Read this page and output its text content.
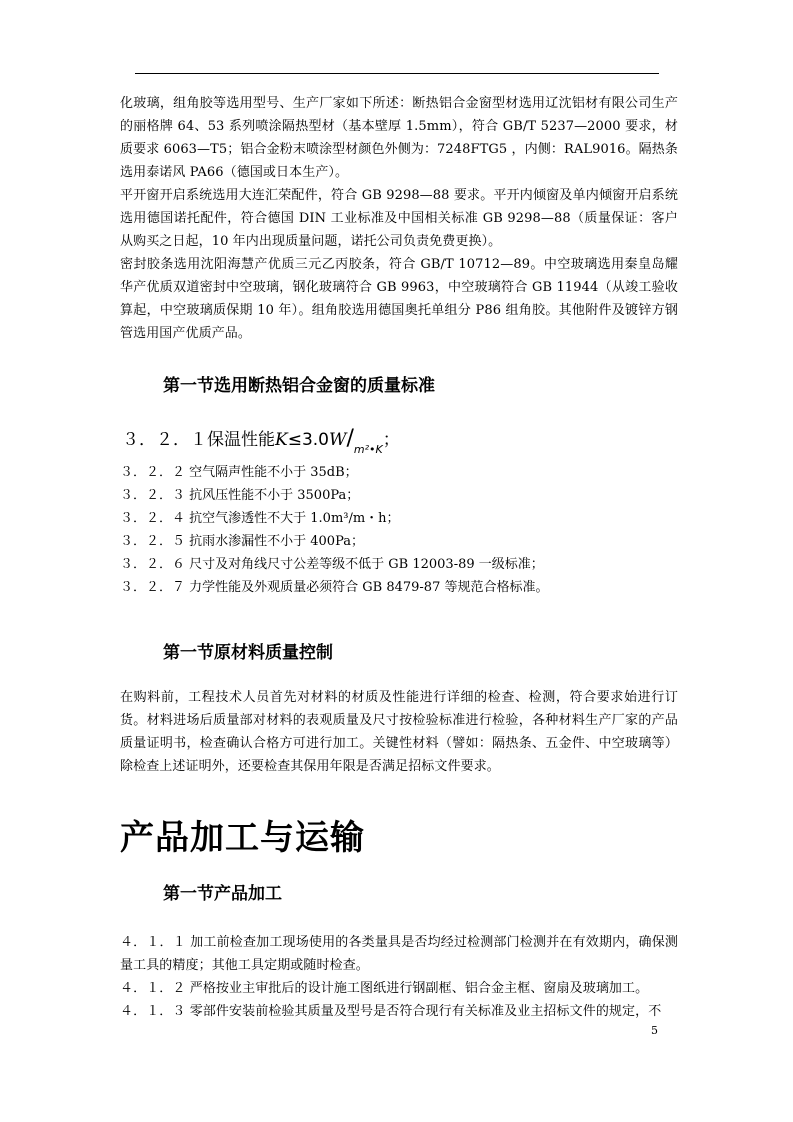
化玻璃，组角胶等选用型号、生产厂家如下所述：断热铝合金窗型材选用辽沈铝材有限公司生产的丽格牌 64、53 系列喷涂隔热型材（基本壁厚 1.5mm），符合 GB/T 5237—2000 要求，材质要求 6063—T5；铝合金粉末喷涂型材颜色外侧为：7248FTG5 ，内侧：RAL9016。隔热条选用泰诺风 PA66（德国或日本生产）。

平开窗开启系统选用大连汇荣配件，符合 GB 9298—88 要求。平开内倾窗及单内倾窗开启系统选用德国诺托配件，符合德国 DIN 工业标准及中国相关标准 GB 9298—88（质量保证：客户从购买之日起，10 年内出现质量问题，诺托公司负责免费更换）。

密封胶条选用沈阳海慧产优质三元乙丙胶条，符合 GB/T 10712—89。中空玻璃选用秦皇岛耀华产优质双道密封中空玻璃，钢化玻璃符合 GB 9963，中空玻璃符合 GB 11944（从竣工验收算起，中空玻璃质保期 10 年）。组角胶选用德国奥托单组分 P86 组角胶。其他附件及镀锌方钢管选用国产优质产品。

第一节选用断热铝合金窗的质量标准
３．２．１保温性能$K\le 3.0W/_{m^2•K}$；

３．２．２ 空气隔声性能不小于 35dB；

３．２．３ 抗风压性能不小于 3500Pa；

３．２．４ 抗空气渗透性不大于 1.0m³/m・h；

３．２．５ 抗雨水渗漏性不小于 400Pa；

３．２．６ 尺寸及对角线尺寸公差等级不低于 GB 12003-89 一级标准；

３．２．７ 力学性能及外观质量必须符合 GB 8479-87 等规范合格标准。

第一节原材料质量控制

在购料前，工程技术人员首先对材料的材质及性能进行详细的检查、检测，符合要求始进行订货。材料进场后质量部对材料的表观质量及尺寸按检验标准进行检验，各种材料生产厂家的产品质量证明书，检查确认合格方可进行加工。关键性材料（譬如：隔热条、五金件、中空玻璃等）除检查上述证明外，还要检查其保用年限是否满足招标文件要求。

产品加工与运输
第一节产品加工

４．１．１ 加工前检查加工现场使用的各类量具是否均经过检测部门检测并在有效期内，确保测量工具的精度；其他工具定期或随时检查。

４．１．２ 严格按业主审批后的设计施工图纸进行钢副框、铝合金主框、窗扇及玻璃加工。

４．１．３ 零部件安装前检验其质量及型号是否符合现行有关标准及业主招标文件的规定，不

5
